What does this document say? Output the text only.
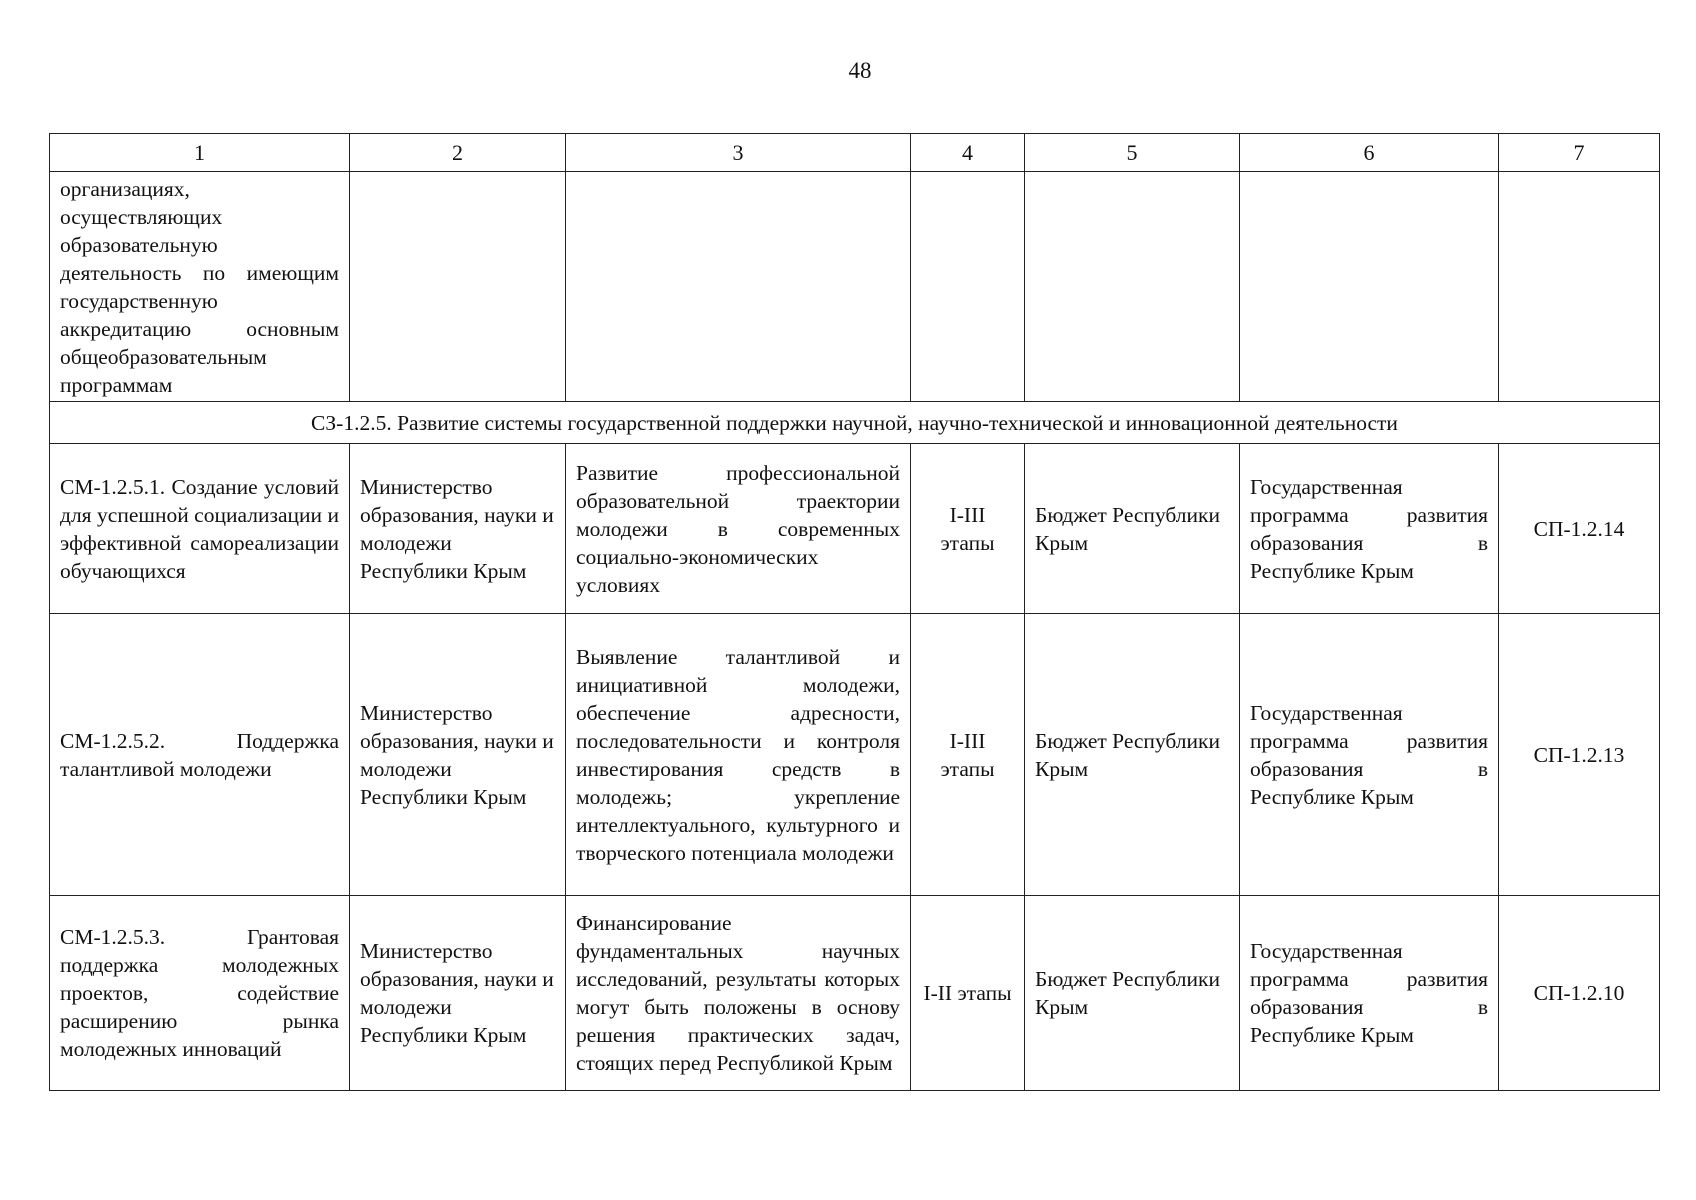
48
1	2	3	4	5	6	7
организациях, осуществляющих образовательную деятельность по имеющим государственную аккредитацию основным общеобразовательным программам						
СЗ-1.2.5. Развитие системы государственной поддержки научной, научно-технической и инновационной деятельности						
СМ-1.2.5.1. Создание условий для успешной социализации и эффективной самореализации обучающихся	Министерство образования, науки и молодежи Республики Крым	Развитие профессиональной образовательной траектории молодежи в современных социально-экономических условиях	I-III этапы	Бюджет Республики Крым	Государственная программа развития образования в Республике Крым	СП-1.2.14
СМ-1.2.5.2. Поддержка талантливой молодежи	Министерство образования, науки и молодежи Республики Крым	Выявление талантливой и инициативной молодежи, обеспечение адресности, последовательности и контроля инвестирования средств в молодежь; укрепление интеллектуального, культурного и творческого потенциала молодежи	I-III этапы	Бюджет Республики Крым	Государственная программа развития образования в Республике Крым	СП-1.2.13
СМ-1.2.5.3. Грантовая поддержка молодежных проектов, содействие расширению рынка молодежных инноваций	Министерство образования, науки и молодежи Республики Крым	Финансирование фундаментальных научных исследований, результаты которых могут быть положены в основу решения практических задач, стоящих перед Республикой Крым	I-II этапы	Бюджет Республики Крым	Государственная программа развития образования в Республике Крым	СП-1.2.10
